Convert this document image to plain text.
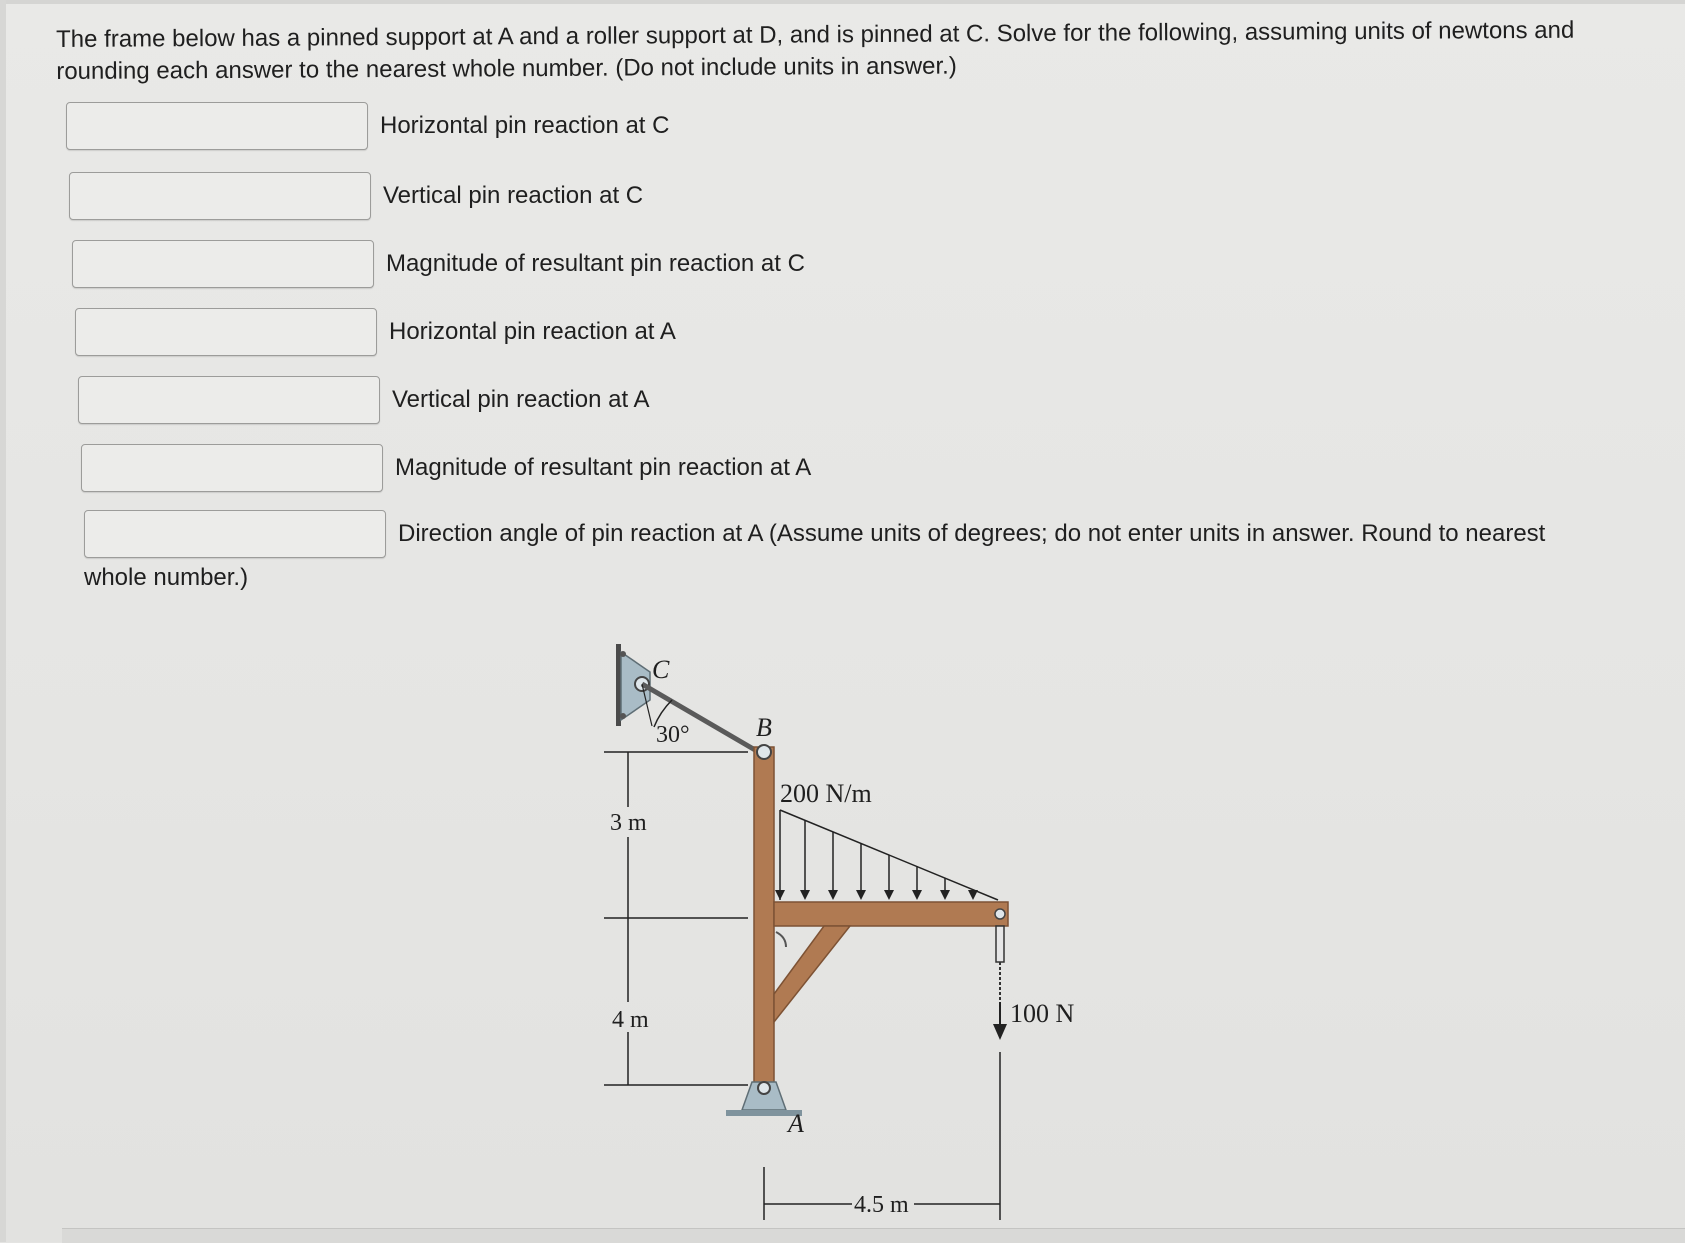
The frame below has a pinned support at A and a roller support at D, and is pinned at C. Solve for the following, assuming units of newtons and
rounding each answer to the nearest whole number. (Do not include units in answer.)
Horizontal pin reaction at C
Vertical pin reaction at C
Magnitude of resultant pin reaction at C
Horizontal pin reaction at A
Vertical pin reaction at A
Magnitude of resultant pin reaction at A
Direction angle of pin reaction at A (Assume units of degrees; do not enter units in answer. Round to nearest
whole number.)
C
B
A
30°
3 m
4 m
4.5 m
200 N/m
100 N
